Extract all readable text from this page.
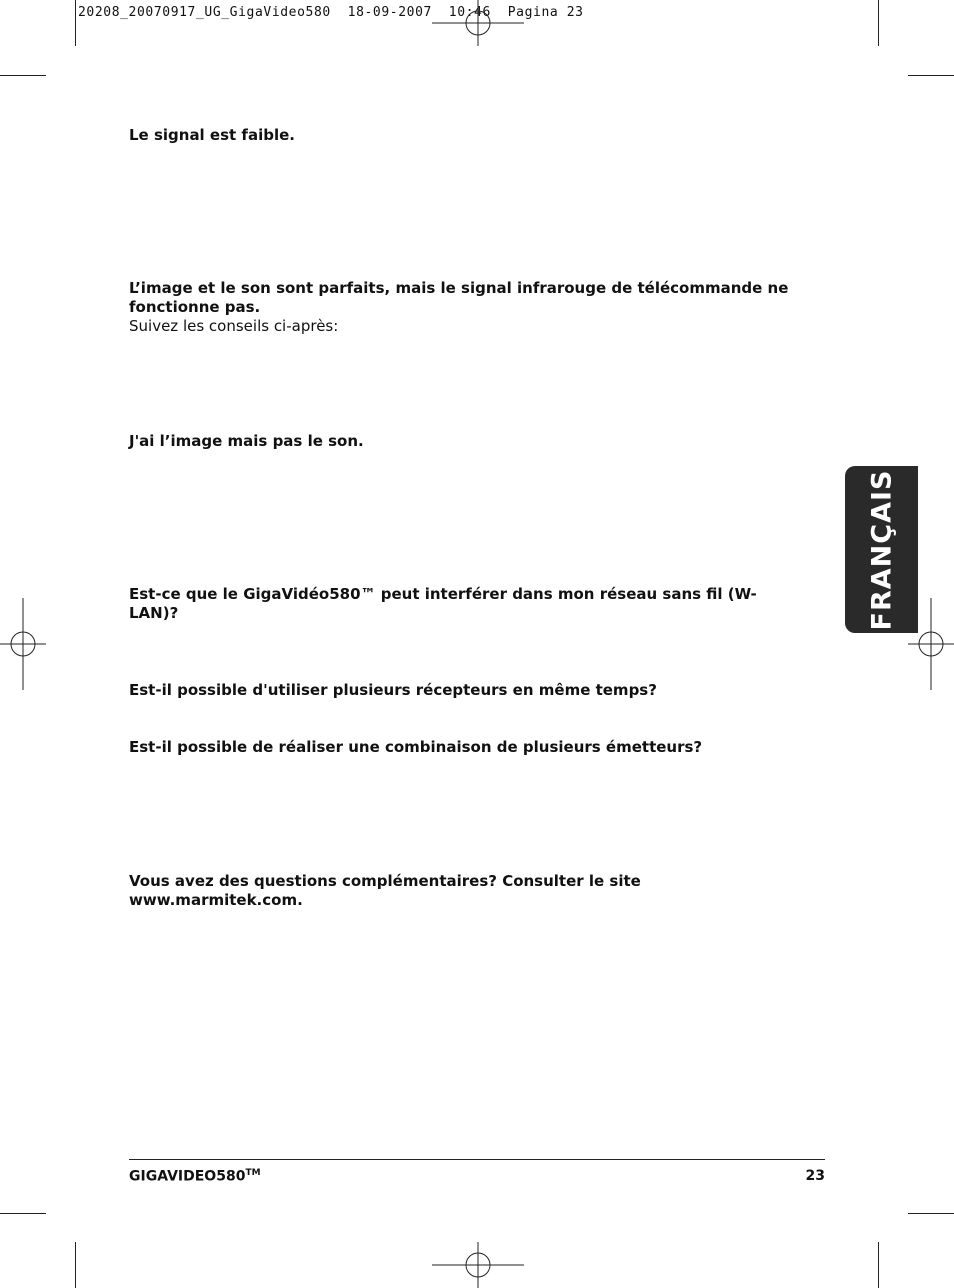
20208_20070917_UG_GigaVideo580  18-09-2007  10:46  Pagina 23
Le signal est faible.
L’image et le son sont parfaits, mais le signal infrarouge de télécommande ne fonctionne pas.
Suivez les conseils ci-après:
J'ai l’image mais pas le son.
Est-ce que le GigaVidéo580™ peut interférer dans mon réseau sans fil (W-LAN)?
Est-il possible d'utiliser plusieurs récepteurs en même temps?
Est-il possible de réaliser une combinaison de plusieurs émetteurs?
Vous avez des questions complémentaires? Consulter le site www.marmitek.com.
FRANÇAIS
GIGAVIDEO580™	23
